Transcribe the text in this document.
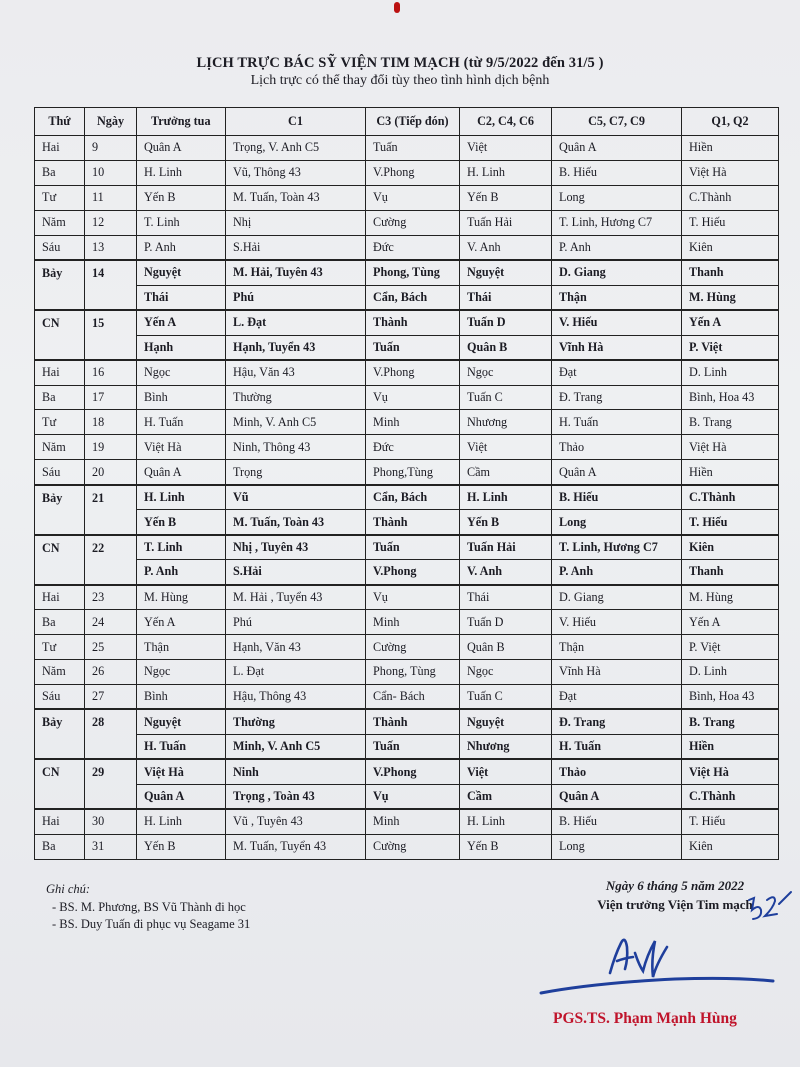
LỊCH TRỰC BÁC SỸ VIỆN TIM MẠCH (từ 9/5/2022 đến 31/5 )
Lịch trực có thể thay đổi tùy theo tình hình dịch bệnh
Thứ	Ngày	Trưởng tua	C1	C3 (Tiếp đón)	C2, C4, C6	C5, C7, C9	Q1, Q2
Hai	9	Quân A	Trọng, V. Anh C5	Tuấn	Việt	Quân A	Hiền
Ba	10	H. Linh	Vũ, Thông 43	V.Phong	H. Linh	B. Hiếu	Việt Hà
Tư	11	Yến B	M. Tuấn, Toàn 43	Vụ	Yến B	Long	C.Thành
Năm	12	T. Linh	Nhị	Cường	Tuấn Hải	T. Linh, Hương C7	T. Hiếu
Sáu	13	P. Anh	S.Hải	Đức	V. Anh	P. Anh	Kiên
Bảy	14	Nguyệt	M. Hải, Tuyên 43	Phong, Tùng	Nguyệt	D. Giang	Thanh
		Thái	Phú	Cẩn, Bách	Thái	Thận	M. Hùng
CN	15	Yến A	L. Đạt	Thành	Tuấn D	V. Hiếu	Yến A
		Hạnh	Hạnh, Tuyển 43	Tuấn	Quân B	Vĩnh Hà	P. Việt
Hai	16	Ngọc	Hậu, Văn 43	V.Phong	Ngọc	Đạt	D. Linh
Ba	17	Bình	Thường	Vụ	Tuấn C	Đ. Trang	Bình, Hoa 43
Tư	18	H. Tuấn	Minh, V. Anh C5	Minh	Nhương	H. Tuấn	B. Trang
Năm	19	Việt Hà	Ninh, Thông 43	Đức	Việt	Thảo	Việt Hà
Sáu	20	Quân A	Trọng	Phong,Tùng	Cầm	Quân A	Hiền
Bảy	21	H. Linh	Vũ	Cẩn, Bách	H. Linh	B. Hiếu	C.Thành
		Yến B	M. Tuấn, Toàn 43	Thành	Yến B	Long	T. Hiếu
CN	22	T. Linh	Nhị , Tuyên 43	Tuấn	Tuấn Hải	T. Linh, Hương C7	Kiên
		P. Anh	S.Hải	V.Phong	V. Anh	P. Anh	Thanh
Hai	23	M. Hùng	M. Hải , Tuyển 43	Vụ	Thái	D. Giang	M. Hùng
Ba	24	Yến A	Phú	Minh	Tuấn D	V. Hiếu	Yến A
Tư	25	Thận	Hạnh, Văn 43	Cường	Quân B	Thận	P. Việt
Năm	26	Ngọc	L. Đạt	Phong, Tùng	Ngọc	Vĩnh Hà	D. Linh
Sáu	27	Bình	Hậu, Thông 43	Cẩn- Bách	Tuấn C	Đạt	Bình, Hoa 43
Bảy	28	Nguyệt	Thường	Thành	Nguyệt	Đ. Trang	B. Trang
		H. Tuấn	Minh, V. Anh C5	Tuấn	Nhương	H. Tuấn	Hiền
CN	29	Việt Hà	Ninh	V.Phong	Việt	Thảo	Việt Hà
		Quân A	Trọng , Toàn 43	Vụ	Cầm	Quân A	C.Thành
Hai	30	H. Linh	Vũ , Tuyên 43	Minh	H. Linh	B. Hiếu	T. Hiếu
Ba	31	Yến B	M. Tuấn, Tuyển 43	Cường	Yến B	Long	Kiên
Ghi chú:
- BS. M. Phương, BS Vũ Thành đi học
- BS. Duy Tuấn đi phục vụ Seagame 31
Ngày 6 tháng 5 năm 2022
Viện trưởng Viện Tim mạch
PGS.TS. Phạm Mạnh Hùng
